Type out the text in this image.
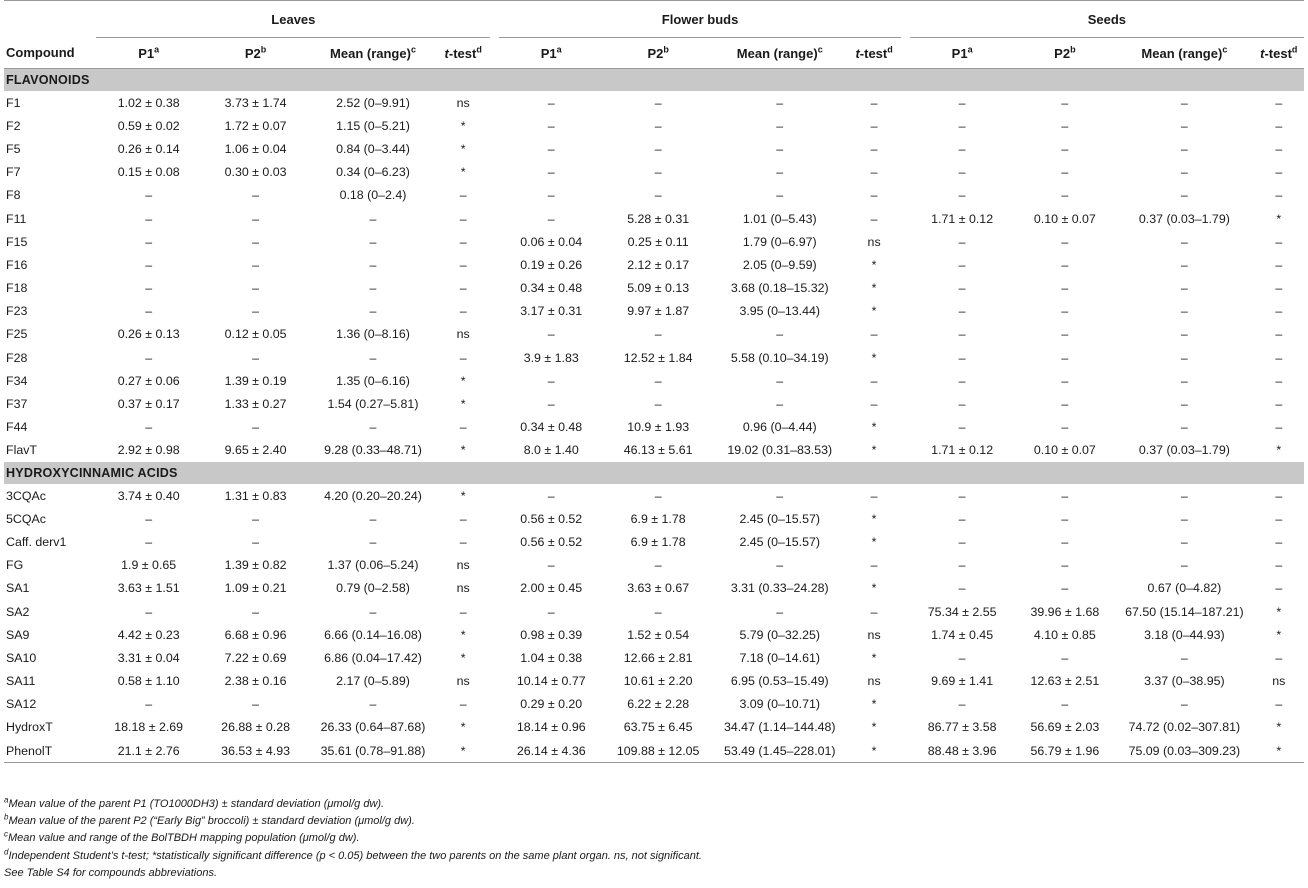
	Leaves					Flower buds					Seeds			
Compound	P1$^a$	P2$^b$	Mean (range)$^c$	t-test$^d$		P1$^a$	P2$^b$	Mean (range)$^c$	t-test$^d$		P1$^a$	P2$^b$	Mean (range)$^c$	t-test$^d$
FLAVONOIDS														
F1	1.02 ± 0.38	3.73 ± 1.74	2.52 (0–9.91)	ns		–	–	–	–		–	–	–	–
F2	0.59 ± 0.02	1.72 ± 0.07	1.15 (0–5.21)	*		–	–	–	–		–	–	–	–
F5	0.26 ± 0.14	1.06 ± 0.04	0.84 (0–3.44)	*		–	–	–	–		–	–	–	–
F7	0.15 ± 0.08	0.30 ± 0.03	0.34 (0–6.23)	*		–	–	–	–		–	–	–	–
F8	–	–	0.18 (0–2.4)	–		–	–	–	–		–	–	–	–
F11	–	–	–	–		–	5.28 ± 0.31	1.01 (0–5.43)	–		1.71 ± 0.12	0.10 ± 0.07	0.37 (0.03–1.79)	*
F15	–	–	–	–		0.06 ± 0.04	0.25 ± 0.11	1.79 (0–6.97)	ns		–	–	–	–
F16	–	–	–	–		0.19 ± 0.26	2.12 ± 0.17	2.05 (0–9.59)	*		–	–	–	–
F18	–	–	–	–		0.34 ± 0.48	5.09 ± 0.13	3.68 (0.18–15.32)	*		–	–	–	–
F23	–	–	–	–		3.17 ± 0.31	9.97 ± 1.87	3.95 (0–13.44)	*		–	–	–	–
F25	0.26 ± 0.13	0.12 ± 0.05	1.36 (0–8.16)	ns		–	–	–	–		–	–	–	–
F28	–	–	–	–		3.9 ± 1.83	12.52 ± 1.84	5.58 (0.10–34.19)	*		–	–	–	–
F34	0.27 ± 0.06	1.39 ± 0.19	1.35 (0–6.16)	*		–	–	–	–		–	–	–	–
F37	0.37 ± 0.17	1.33 ± 0.27	1.54 (0.27–5.81)	*		–	–	–	–		–	–	–	–
F44	–	–	–	–		0.34 ± 0.48	10.9 ± 1.93	0.96 (0–4.44)	*		–	–	–	–
FlavT	2.92 ± 0.98	9.65 ± 2.40	9.28 (0.33–48.71)	*		8.0 ± 1.40	46.13 ± 5.61	19.02 (0.31–83.53)	*		1.71 ± 0.12	0.10 ± 0.07	0.37 (0.03–1.79)	*
HYDROXYCINNAMIC ACIDS														
3CQAc	3.74 ± 0.40	1.31 ± 0.83	4.20 (0.20–20.24)	*		–	–	–	–		–	–	–	–
5CQAc	–	–	–	–		0.56 ± 0.52	6.9 ± 1.78	2.45 (0–15.57)	*		–	–	–	–
Caff. derv1	–	–	–	–		0.56 ± 0.52	6.9 ± 1.78	2.45 (0–15.57)	*		–	–	–	–
FG	1.9 ± 0.65	1.39 ± 0.82	1.37 (0.06–5.24)	ns		–	–	–	–		–	–	–	–
SA1	3.63 ± 1.51	1.09 ± 0.21	0.79 (0–2.58)	ns		2.00 ± 0.45	3.63 ± 0.67	3.31 (0.33–24.28)	*		–	–	0.67 (0–4.82)	–
SA2	–	–	–	–		–	–	–	–		75.34 ± 2.55	39.96 ± 1.68	67.50 (15.14–187.21)	*
SA9	4.42 ± 0.23	6.68 ± 0.96	6.66 (0.14–16.08)	*		0.98 ± 0.39	1.52 ± 0.54	5.79 (0–32.25)	ns		1.74 ± 0.45	4.10 ± 0.85	3.18 (0–44.93)	*
SA10	3.31 ± 0.04	7.22 ± 0.69	6.86 (0.04–17.42)	*		1.04 ± 0.38	12.66 ± 2.81	7.18 (0–14.61)	*		–	–	–	–
SA11	0.58 ± 1.10	2.38 ± 0.16	2.17 (0–5.89)	ns		10.14 ± 0.77	10.61 ± 2.20	6.95 (0.53–15.49)	ns		9.69 ± 1.41	12.63 ± 2.51	3.37 (0–38.95)	ns
SA12	–	–	–	–		0.29 ± 0.20	6.22 ± 2.28	3.09 (0–10.71)	*		–	–	–	–
HydroxT	18.18 ± 2.69	26.88 ± 0.28	26.33 (0.64–87.68)	*		18.14 ± 0.96	63.75 ± 6.45	34.47 (1.14–144.48)	*		86.77 ± 3.58	56.69 ± 2.03	74.72 (0.02–307.81)	*
PhenolT	21.1 ± 2.76	36.53 ± 4.93	35.61 (0.78–91.88)	*		26.14 ± 4.36	109.88 ± 12.05	53.49 (1.45–228.01)	*		88.48 ± 3.96	56.79 ± 1.96	75.09 (0.03–309.23)	*
$^a$Mean value of the parent P1 (TO1000DH3) ± standard deviation (μmol/g dw).
$^b$Mean value of the parent P2 (“Early Big” broccoli) ± standard deviation (μmol/g dw).
$^c$Mean value and range of the BolTBDH mapping population (μmol/g dw).
$^d$Independent Student’s t-test; *statistically significant difference (p < 0.05) between the two parents on the same plant organ. ns, not significant.
See Table S4 for compounds abbreviations.
